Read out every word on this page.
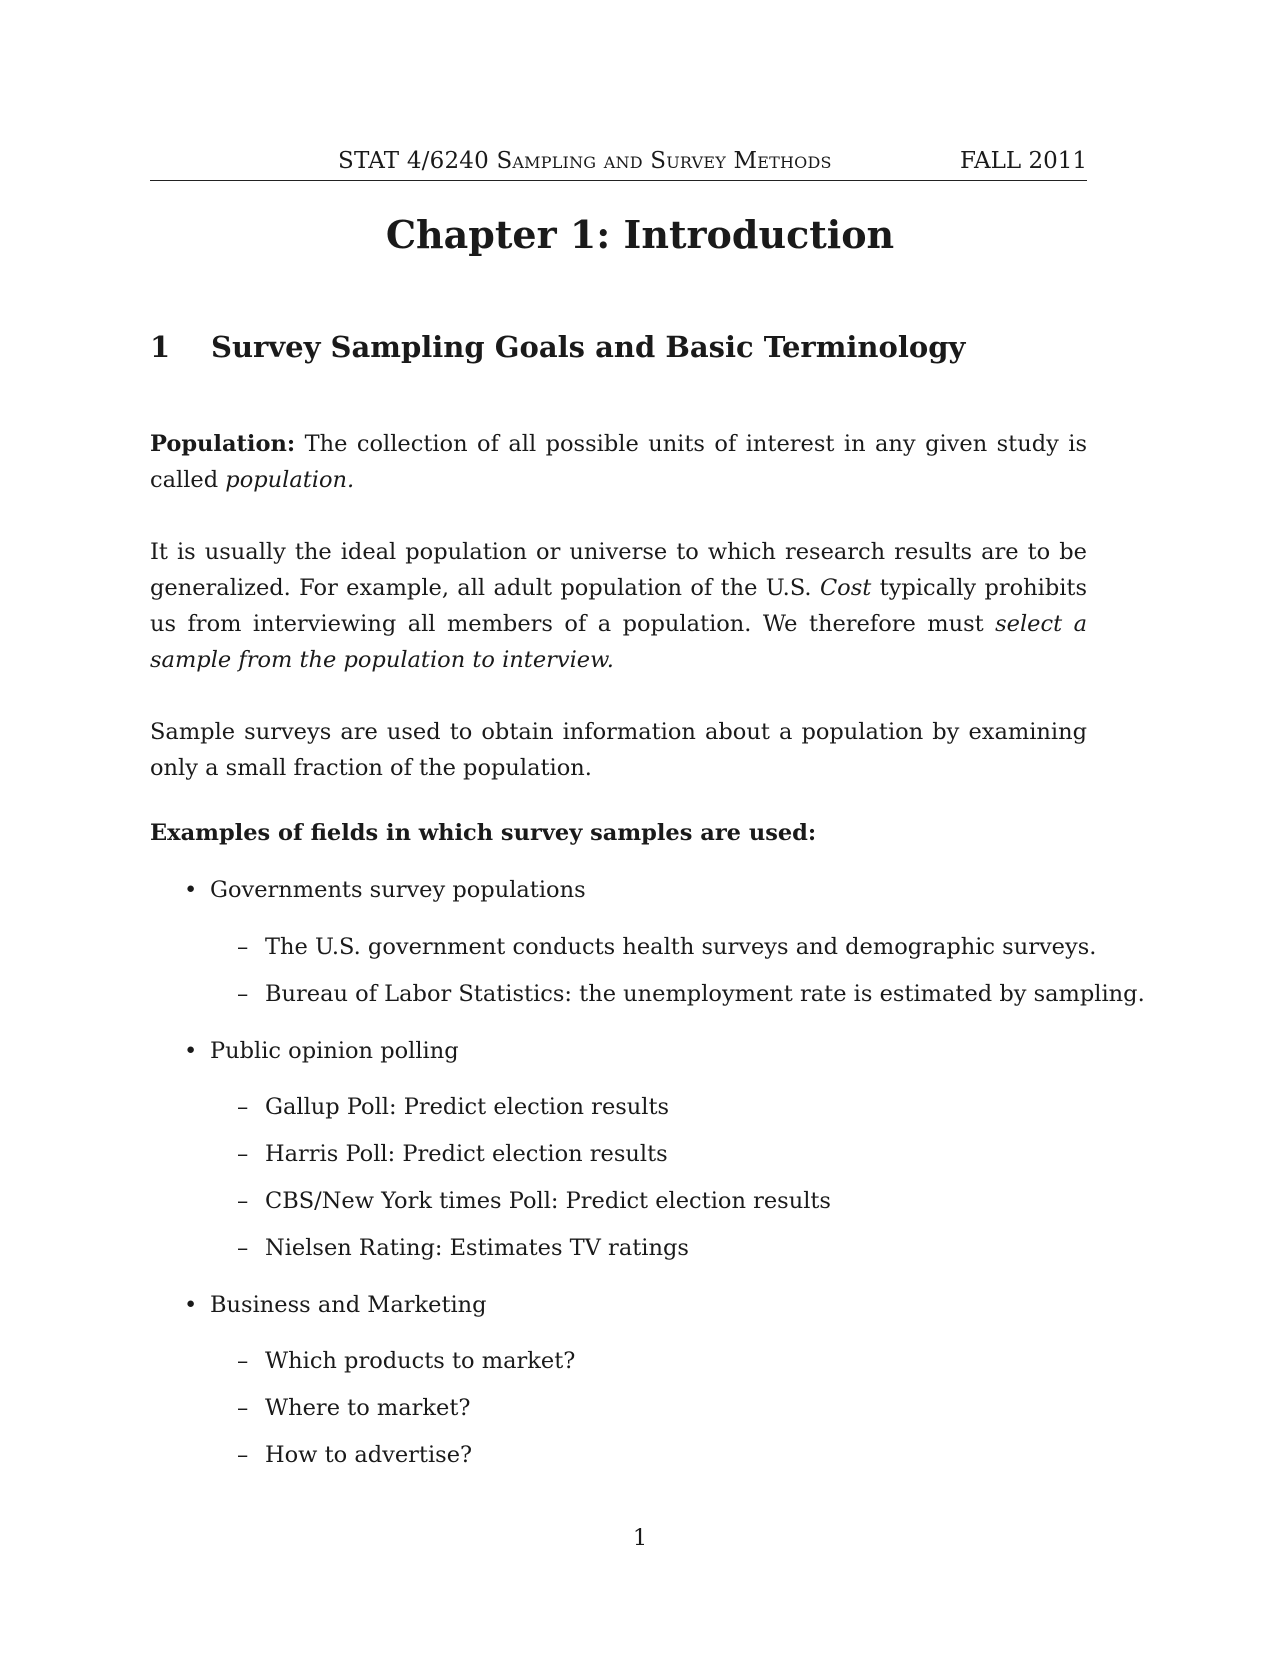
STAT 4/6240 Sampling and Survey Methods	FALL 2011
Chapter 1: Introduction
1 Survey Sampling Goals and Basic Terminology

Population: The collection of all possible units of interest in any given study is called population.

It is usually the ideal population or universe to which research results are to be generalized. For example, all adult population of the U.S. Cost typically prohibits us from interviewing all members of a population. We therefore must select a sample from the population to interview.

Sample surveys are used to obtain information about a population by examining only a small fraction of the population.

Examples of fields in which survey samples are used:

• Governments survey populations
– The U.S. government conducts health surveys and demographic surveys.
– Bureau of Labor Statistics: the unemployment rate is estimated by sampling.
• Public opinion polling
– Gallup Poll: Predict election results
– Harris Poll: Predict election results
– CBS/New York times Poll: Predict election results
– Nielsen Rating: Estimates TV ratings
• Business and Marketing
– Which products to market?
– Where to market?
– How to advertise?
1
